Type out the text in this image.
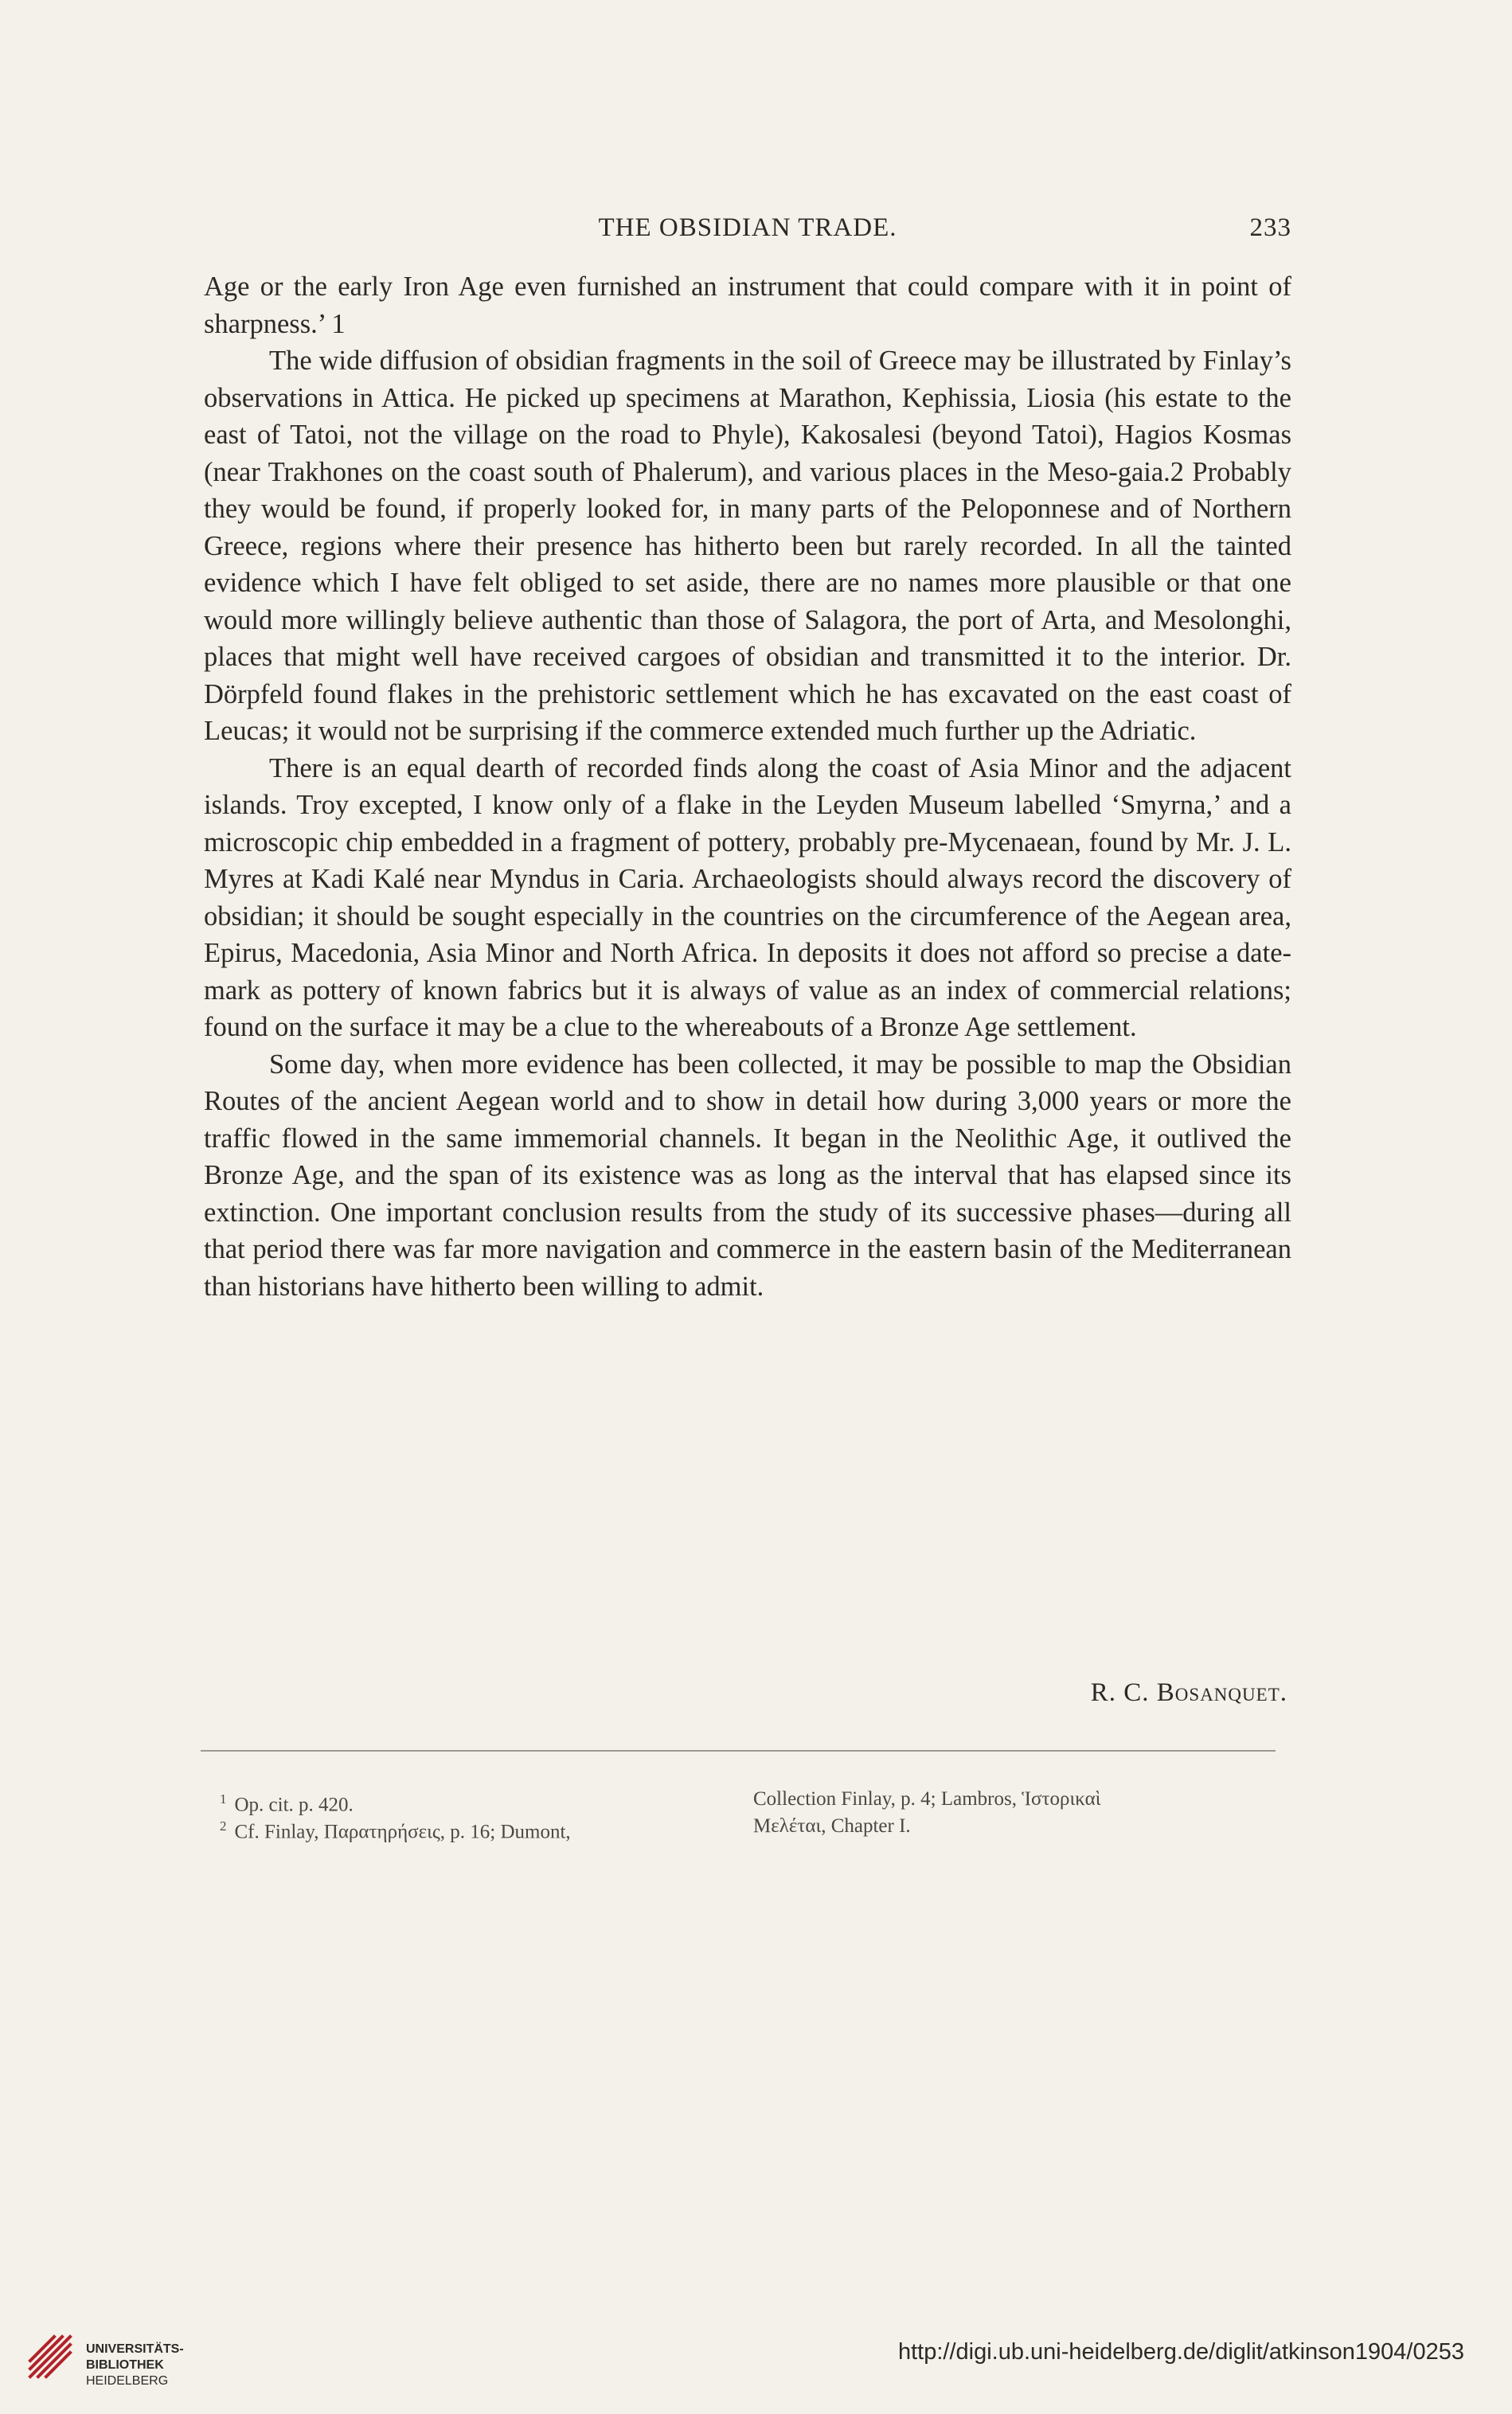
THE OBSIDIAN TRADE.	233

Age or the early Iron Age even furnished an instrument that could compare with it in point of sharpness.’ 1

The wide diffusion of obsidian fragments in the soil of Greece may be illustrated by Finlay’s observations in Attica. He picked up specimens at Marathon, Kephissia, Liosia (his estate to the east of Tatoi, not the village on the road to Phyle), Kakosalesi (beyond Tatoi), Hagios Kosmas (near Trakhones on the coast south of Phalerum), and various places in the Meso-gaia.2 Probably they would be found, if properly looked for, in many parts of the Peloponnese and of Northern Greece, regions where their presence has hitherto been but rarely recorded. In all the tainted evidence which I have felt obliged to set aside, there are no names more plausible or that one would more willingly believe authentic than those of Salagora, the port of Arta, and Mesolonghi, places that might well have received cargoes of obsidian and transmitted it to the interior. Dr. Dörpfeld found flakes in the prehistoric settlement which he has excavated on the east coast of Leucas; it would not be surprising if the commerce extended much further up the Adriatic.

There is an equal dearth of recorded finds along the coast of Asia Minor and the adjacent islands. Troy excepted, I know only of a flake in the Leyden Museum labelled ‘Smyrna,’ and a microscopic chip embedded in a fragment of pottery, probably pre-Mycenaean, found by Mr. J. L. Myres at Kadi Kalé near Myndus in Caria. Archaeologists should always record the discovery of obsidian; it should be sought especially in the countries on the circumference of the Aegean area, Epirus, Macedonia, Asia Minor and North Africa. In deposits it does not afford so precise a date-mark as pottery of known fabrics but it is always of value as an index of commercial relations; found on the surface it may be a clue to the whereabouts of a Bronze Age settlement.

Some day, when more evidence has been collected, it may be possible to map the Obsidian Routes of the ancient Aegean world and to show in detail how during 3,000 years or more the traffic flowed in the same immemorial channels. It began in the Neolithic Age, it outlived the Bronze Age, and the span of its existence was as long as the interval that has elapsed since its extinction. One important conclusion results from the study of its successive phases—during all that period there was far more navigation and commerce in the eastern basin of the Mediterranean than historians have hitherto been willing to admit.

R. C. Bosanquet.
$^1$ Op. cit. p. 420.	Collection Finlay, p. 4; Lambros, Ἱστορικαὶ
$^2$ Cf. Finlay, Παρατηρήσεις, p. 16; Dumont,	Μελέται, Chapter I.
UNIVERSITÄTS-
BIBLIOTHEK
HEIDELBERG
http://digi.ub.uni-heidelberg.de/diglit/atkinson1904/0253
